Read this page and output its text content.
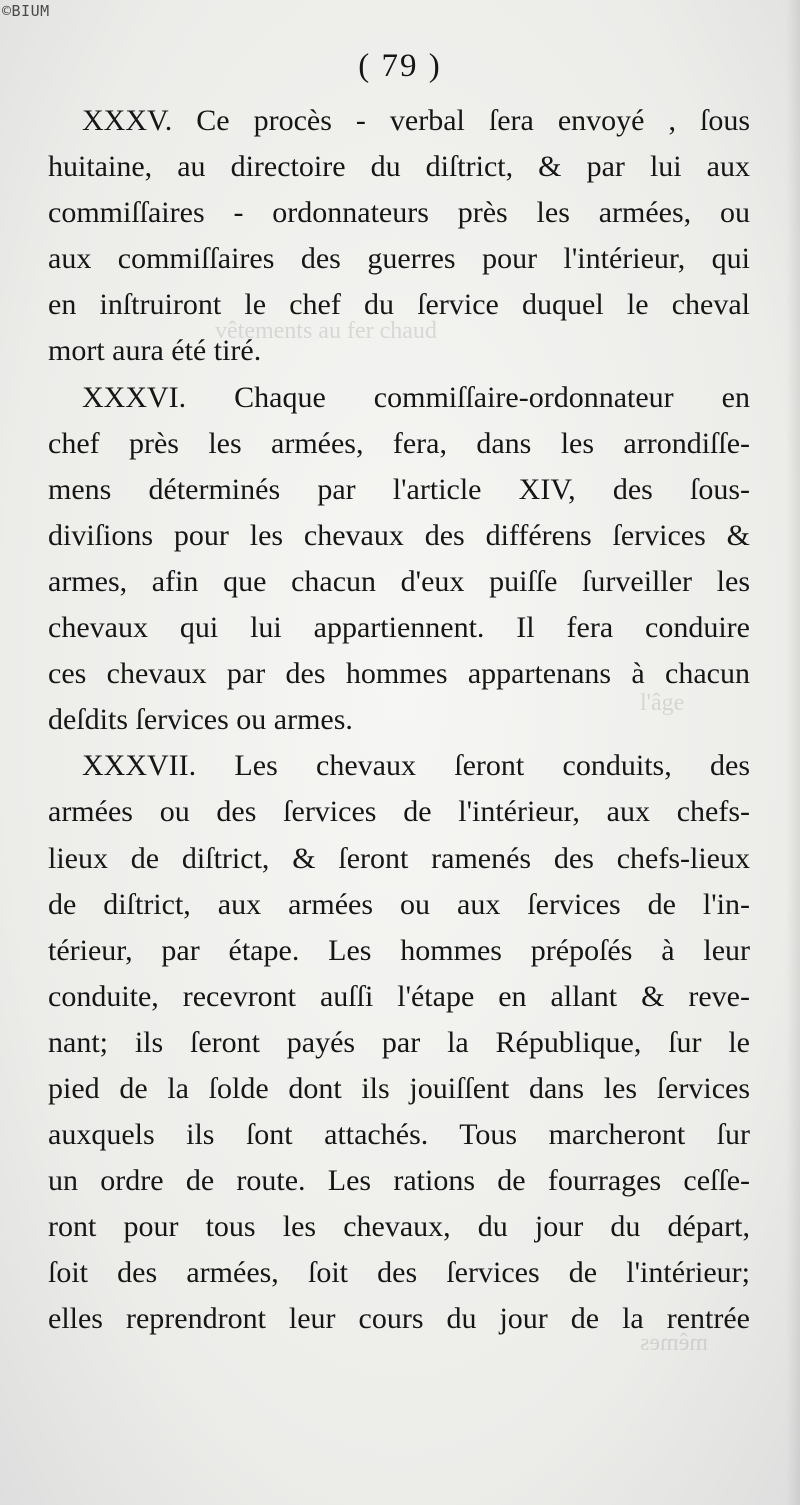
vêtements au fer chaud
l'âge
mêmes
©BIUM
( 79 )
XXXV. Ce procès - verbal ſera envoyé , ſous
huitaine, au directoire du diſtrict, & par lui aux
commiſſaires - ordonnateurs près les armées, ou
aux commiſſaires des guerres pour l'intérieur, qui
en inſtruiront le chef du ſervice duquel le cheval
mort aura été tiré.
XXXVI. Chaque commiſſaire-ordonnateur en
chef près les armées, fera, dans les arrondiſſe-
mens déterminés par l'article XIV, des ſous-
diviſions pour les chevaux des différens ſervices &
armes, afin que chacun d'eux puiſſe ſurveiller les
chevaux qui lui appartiennent. Il fera conduire
ces chevaux par des hommes appartenans à chacun
deſdits ſervices ou armes.
XXXVII. Les chevaux ſeront conduits, des
armées ou des ſervices de l'intérieur, aux chefs-
lieux de diſtrict, & ſeront ramenés des chefs-lieux
de diſtrict, aux armées ou aux ſervices de l'in-
térieur, par étape. Les hommes prépoſés à leur
conduite, recevront auſſi l'étape en allant & reve-
nant; ils ſeront payés par la République, ſur le
pied de la ſolde dont ils jouiſſent dans les ſervices
auxquels ils ſont attachés. Tous marcheront ſur
un ordre de route. Les rations de fourrages ceſſe-
ront pour tous les chevaux, du jour du départ,
ſoit des armées, ſoit des ſervices de l'intérieur;
elles reprendront leur cours du jour de la rentrée
